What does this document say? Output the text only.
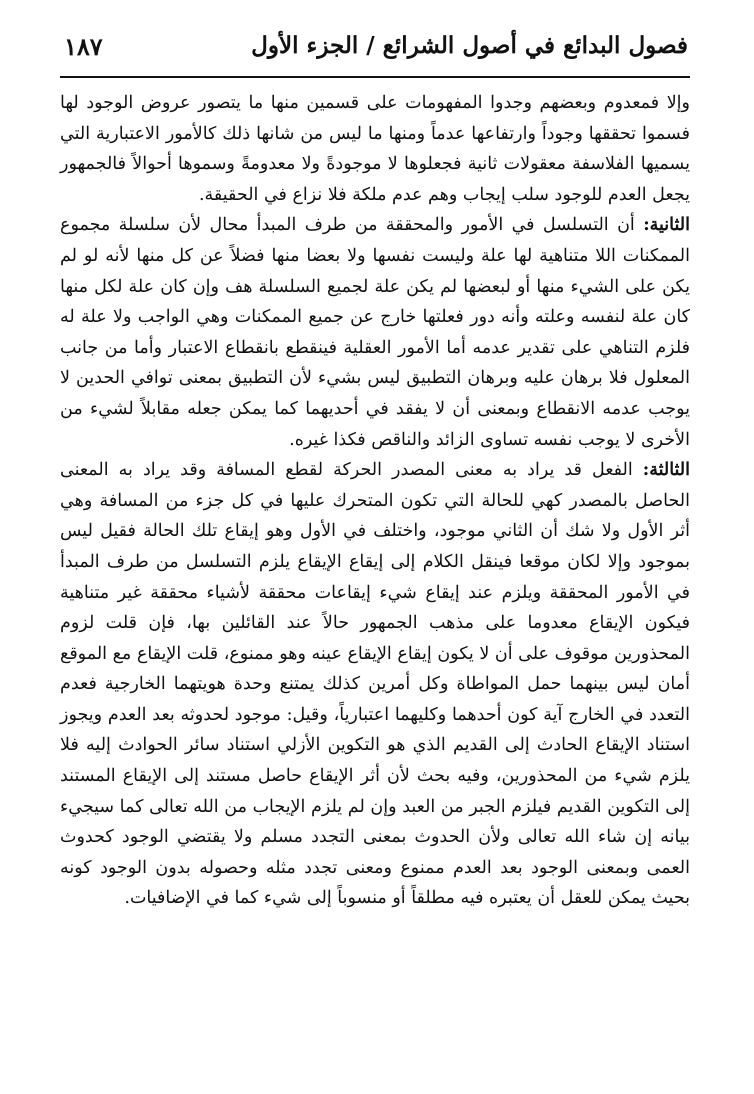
فصول البدائع في أصول الشرائع / الجزء الأول
١٨٧

وإلا فمعدوم وبعضهم وجدوا المفهومات على قسمين منها ما يتصور عروض الوجود لها فسموا تحققها وجوداً وارتفاعها عدماً ومنها ما ليس من شانها ذلك كالأمور الاعتبارية التي يسميها الفلاسفة معقولات ثانية فجعلوها لا موجودةً ولا معدومةً وسموها أحوالاً فالجمهور يجعل العدم للوجود سلب إيجاب وهم عدم ملكة فلا نزاع في الحقيقة.

الثانية: أن التسلسل في الأمور والمحققة من طرف المبدأ محال لأن سلسلة مجموع الممكنات اللا متناهية لها علة وليست نفسها ولا بعضا منها فضلاً عن كل منها لأنه لو لم يكن على الشيء منها أو لبعضها لم يكن علة لجميع السلسلة هف وإن كان علة لكل منها كان علة لنفسه وعلته وأنه دور فعلتها خارج عن جميع الممكنات وهي الواجب ولا علة له فلزم التناهي على تقدير عدمه أما الأمور العقلية فينقطع بانقطاع الاعتبار وأما من جانب المعلول فلا برهان عليه وبرهان التطبيق ليس بشيء لأن التطبيق بمعنى توافي الحدين لا يوجب عدمه الانقطاع وبمعنى أن لا يفقد في أحديهما كما يمكن جعله مقابلاً لشيء من الأخرى لا يوجب نفسه تساوى الزائد والناقص فكذا غيره.

الثالثة: الفعل قد يراد به معنى المصدر الحركة لقطع المسافة وقد يراد به المعنى الحاصل بالمصدر كهي للحالة التي تكون المتحرك عليها في كل جزء من المسافة وهي أثر الأول ولا شك أن الثاني موجود، واختلف في الأول وهو إيقاع تلك الحالة فقيل ليس بموجود وإلا لكان موقعا فينقل الكلام إلى إيقاع الإيقاع يلزم التسلسل من طرف المبدأ في الأمور المحققة ويلزم عند إيقاع شيء إيقاعات محققة لأشياء محققة غير متناهية فيكون الإيقاع معدوما على مذهب الجمهور حالاً عند القائلين بها، فإن قلت لزوم المحذورين موقوف على أن لا يكون إيقاع الإيقاع عينه وهو ممنوع، قلت الإيقاع مع الموقع أمان ليس بينهما حمل المواطاة وكل أمرين كذلك يمتنع وحدة هويتهما الخارجية فعدم التعدد في الخارج آية كون أحدهما وكليهما اعتبارياً، وقيل: موجود لحدوثه بعد العدم ويجوز استناد الإيقاع الحادث إلى القديم الذي هو التكوين الأزلي استناد سائر الحوادث إليه فلا يلزم شيء من المحذورين، وفيه بحث لأن أثر الإيقاع حاصل مستند إلى الإيقاع المستند إلى التكوين القديم فيلزم الجبر من العبد وإن لم يلزم الإيجاب من الله تعالى كما سيجيء بيانه إن شاء الله تعالى ولأن الحدوث بمعنى التجدد مسلم ولا يقتضي الوجود كحدوث العمى وبمعنى الوجود بعد العدم ممنوع ومعنى تجدد مثله وحصوله بدون الوجود كونه بحيث يمكن للعقل أن يعتبره فيه مطلقاً أو منسوباً إلى شيء كما في الإضافيات.
